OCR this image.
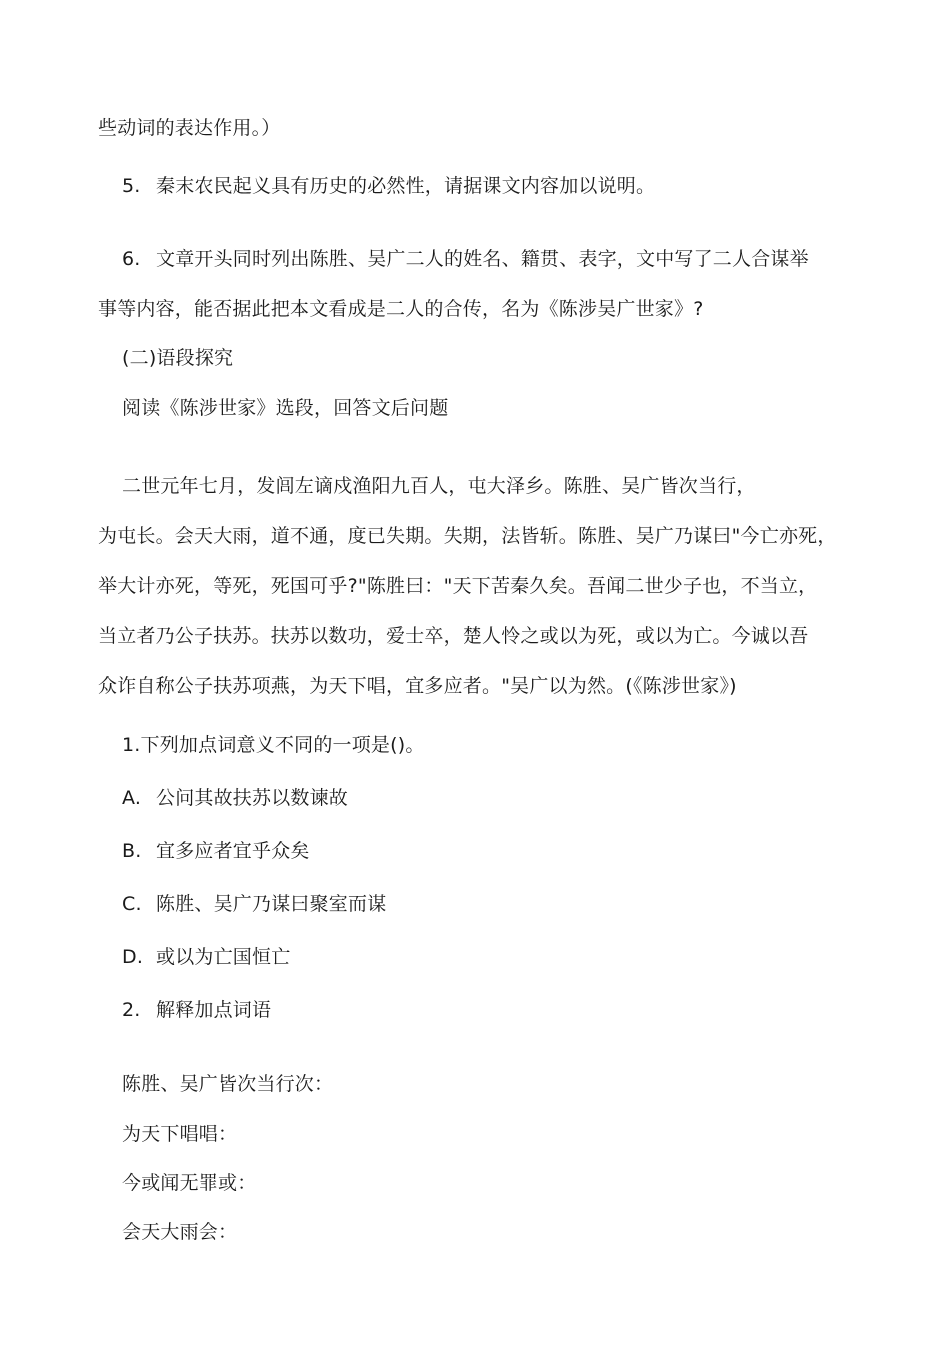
些动词的表达作用。）
5. 秦末农民起义具有历史的必然性，请据课文内容加以说明。
6. 文章开头同时列出陈胜、吴广二人的姓名、籍贯、表字，文中写了二人合谋举
事等内容，能否据此把本文看成是二人的合传，名为《陈涉吴广世家》?
(二)语段探究
阅读《陈涉世家》选段，回答文后问题
二世元年七月，发闾左谪戍渔阳九百人，屯大泽乡。陈胜、吴广皆次当行，
为屯长。会天大雨，道不通，度已失期。失期，法皆斩。陈胜、吴广乃谋曰"今亡亦死，
举大计亦死，等死，死国可乎?"陈胜曰："天下苦秦久矣。吾闻二世少子也，不当立，
当立者乃公子扶苏。扶苏以数功，爱士卒，楚人怜之或以为死，或以为亡。今诚以吾
众诈自称公子扶苏项燕，为天下唱，宜多应者。"吴广以为然。(《陈涉世家》)
1.下列加点词意义不同的一项是()。
A. 公问其故扶苏以数谏故
B. 宜多应者宜乎众矣
C. 陈胜、吴广乃谋曰聚室而谋
D. 或以为亡国恒亡
2. 解释加点词语
陈胜、吴广皆次当行次：
为天下唱唱：
今或闻无罪或：
会天大雨会：
